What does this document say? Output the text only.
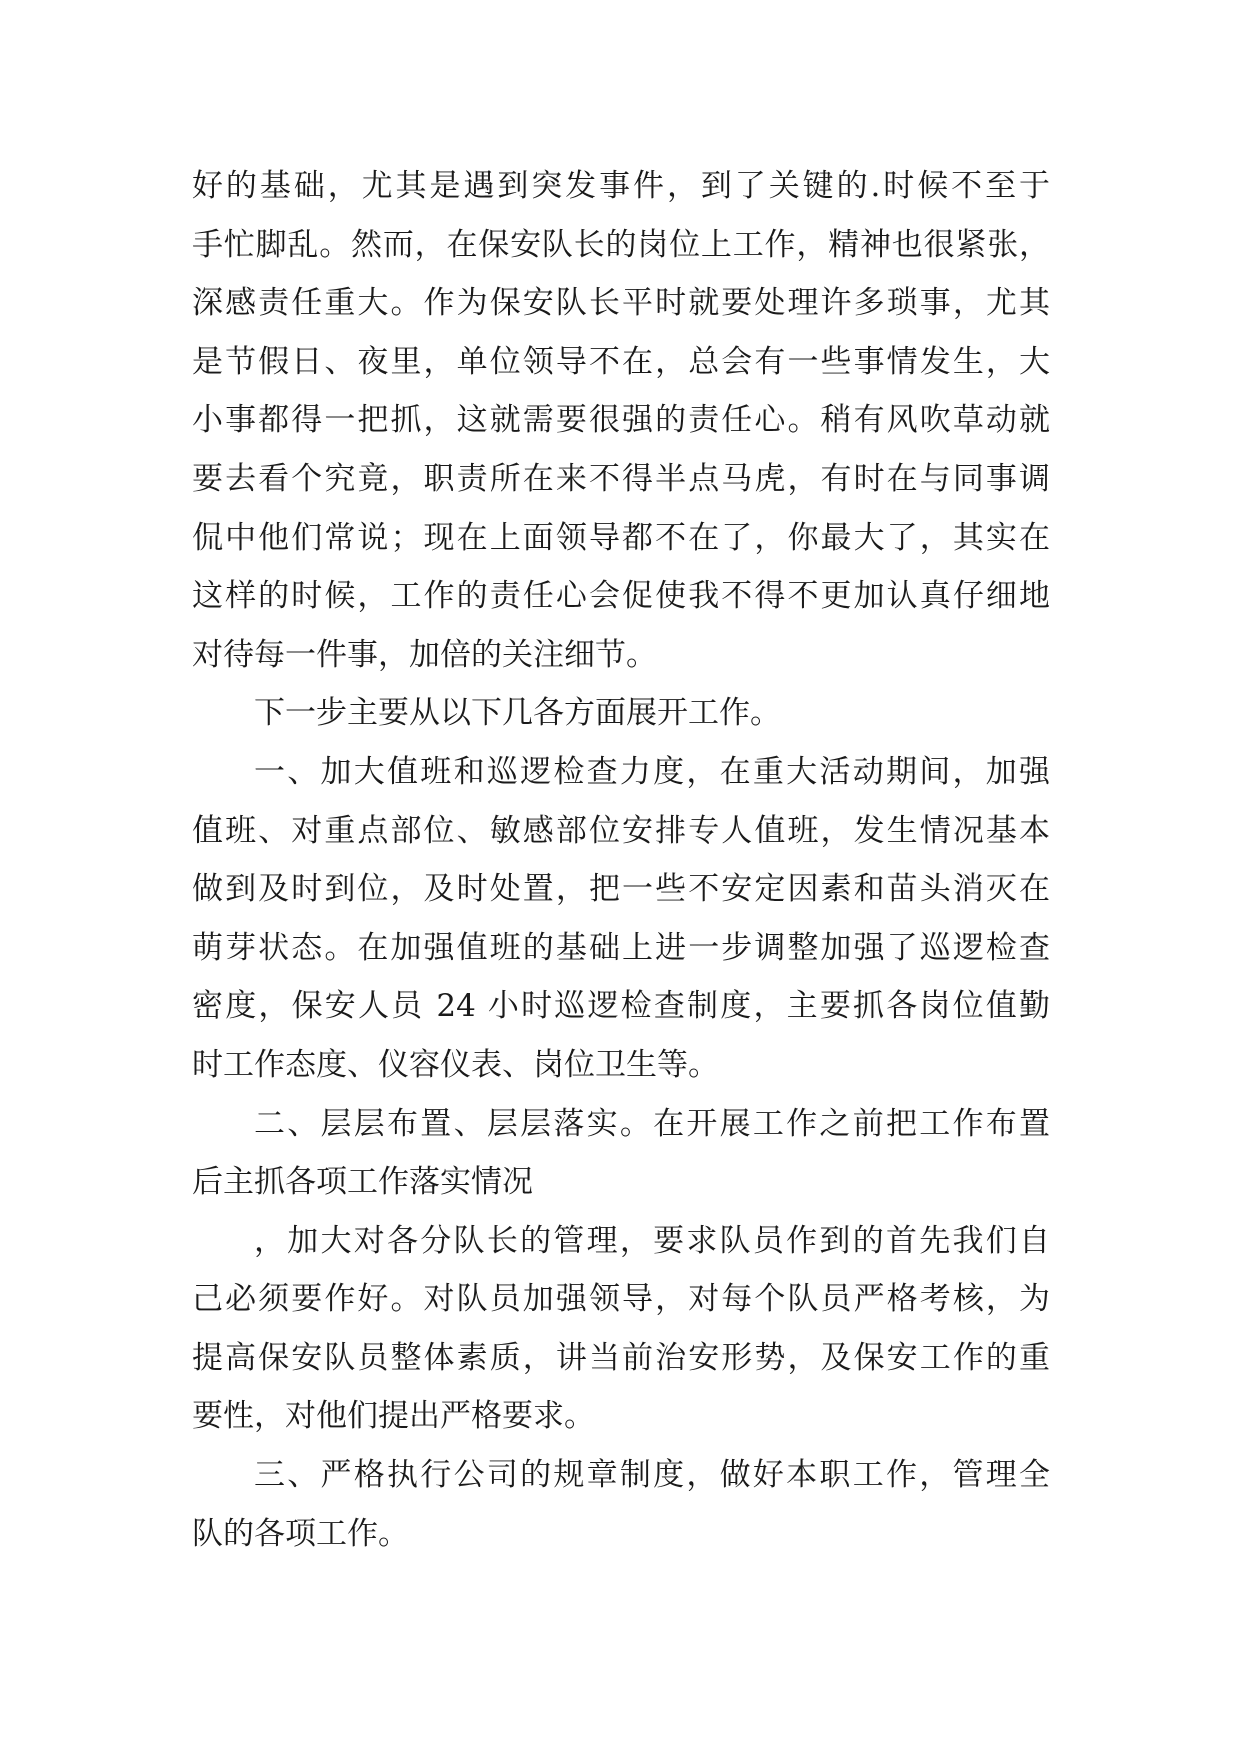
好的基础，尤其是遇到突发事件，到了关键的.时候不至于
手忙脚乱。然而，在保安队长的岗位上工作，精神也很紧张，
深感责任重大。作为保安队长平时就要处理许多琐事，尤其
是节假日、夜里，单位领导不在，总会有一些事情发生，大
小事都得一把抓，这就需要很强的责任心。稍有风吹草动就
要去看个究竟，职责所在来不得半点马虎，有时在与同事调
侃中他们常说；现在上面领导都不在了，你最大了，其实在
这样的时候，工作的责任心会促使我不得不更加认真仔细地
对待每一件事，加倍的关注细节。
下一步主要从以下几各方面展开工作。
一、加大值班和巡逻检查力度，在重大活动期间，加强
值班、对重点部位、敏感部位安排专人值班，发生情况基本
做到及时到位，及时处置，把一些不安定因素和苗头消灭在
萌芽状态。在加强值班的基础上进一步调整加强了巡逻检查
密度，保安人员 24 小时巡逻检查制度，主要抓各岗位值勤
时工作态度、仪容仪表、岗位卫生等。
二、层层布置、层层落实。在开展工作之前把工作布置
后主抓各项工作落实情况
，加大对各分队长的管理，要求队员作到的首先我们自
己必须要作好。对队员加强领导，对每个队员严格考核，为
提高保安队员整体素质，讲当前治安形势，及保安工作的重
要性，对他们提出严格要求。
三、严格执行公司的规章制度，做好本职工作，管理全
队的各项工作。
